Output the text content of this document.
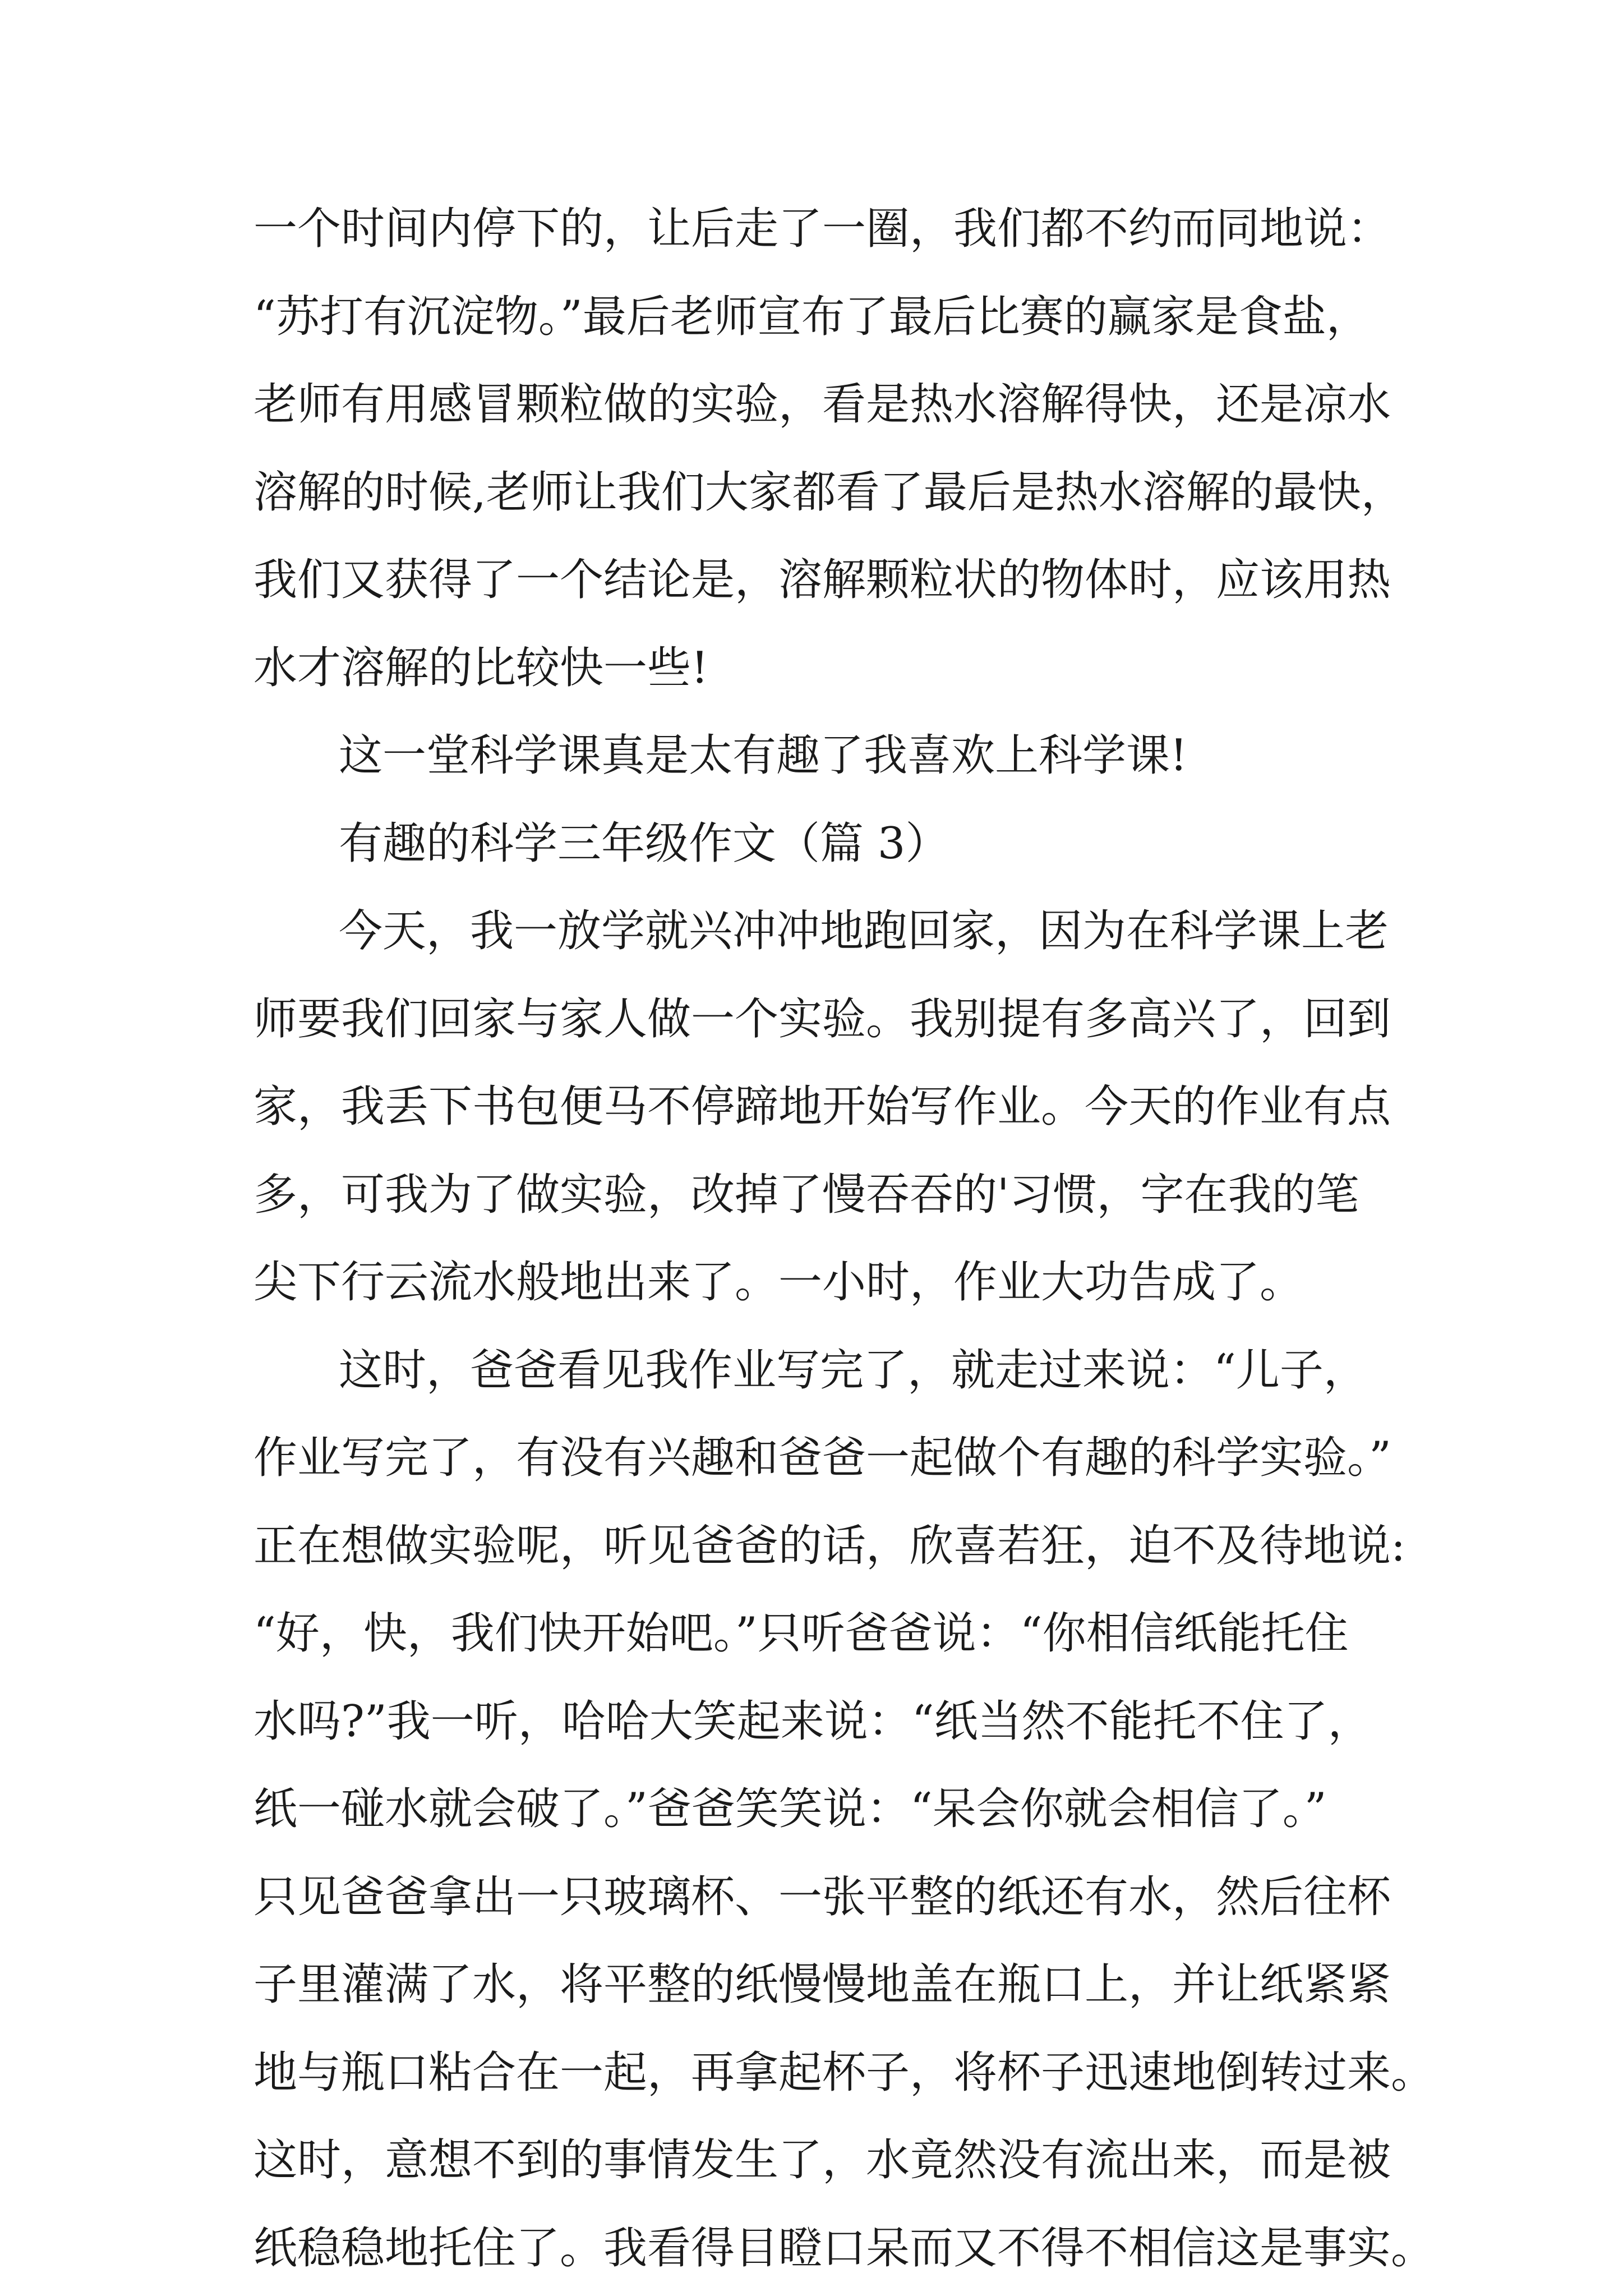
一个时间内停下的，让后走了一圈，我们都不约而同地说：
“苏打有沉淀物。”最后老师宣布了最后比赛的赢家是食盐，
老师有用感冒颗粒做的实验，看是热水溶解得快，还是凉水
溶解的时候,老师让我们大家都看了最后是热水溶解的最快，
我们又获得了一个结论是，溶解颗粒状的物体时，应该用热
水才溶解的比较快一些!
这一堂科学课真是太有趣了我喜欢上科学课!
有趣的科学三年级作文（篇 3）
今天，我一放学就兴冲冲地跑回家，因为在科学课上老
师要我们回家与家人做一个实验。我别提有多高兴了，回到
家，我丢下书包便马不停蹄地开始写作业。今天的作业有点
多，可我为了做实验，改掉了慢吞吞的'习惯，字在我的笔
尖下行云流水般地出来了。一小时，作业大功告成了。
这时，爸爸看见我作业写完了，就走过来说：“儿子，
作业写完了，有没有兴趣和爸爸一起做个有趣的科学实验。”
正在想做实验呢，听见爸爸的话，欣喜若狂，迫不及待地说:
“好，快，我们快开始吧。”只听爸爸说：“你相信纸能托住
水吗?”我一听，哈哈大笑起来说：“纸当然不能托不住了，
纸一碰水就会破了。”爸爸笑笑说：“呆会你就会相信了。”
只见爸爸拿出一只玻璃杯、一张平整的纸还有水，然后往杯
子里灌满了水，将平整的纸慢慢地盖在瓶口上，并让纸紧紧
地与瓶口粘合在一起，再拿起杯子，将杯子迅速地倒转过来。
这时，意想不到的事情发生了，水竟然没有流出来，而是被
纸稳稳地托住了。我看得目瞪口呆而又不得不相信这是事实。
